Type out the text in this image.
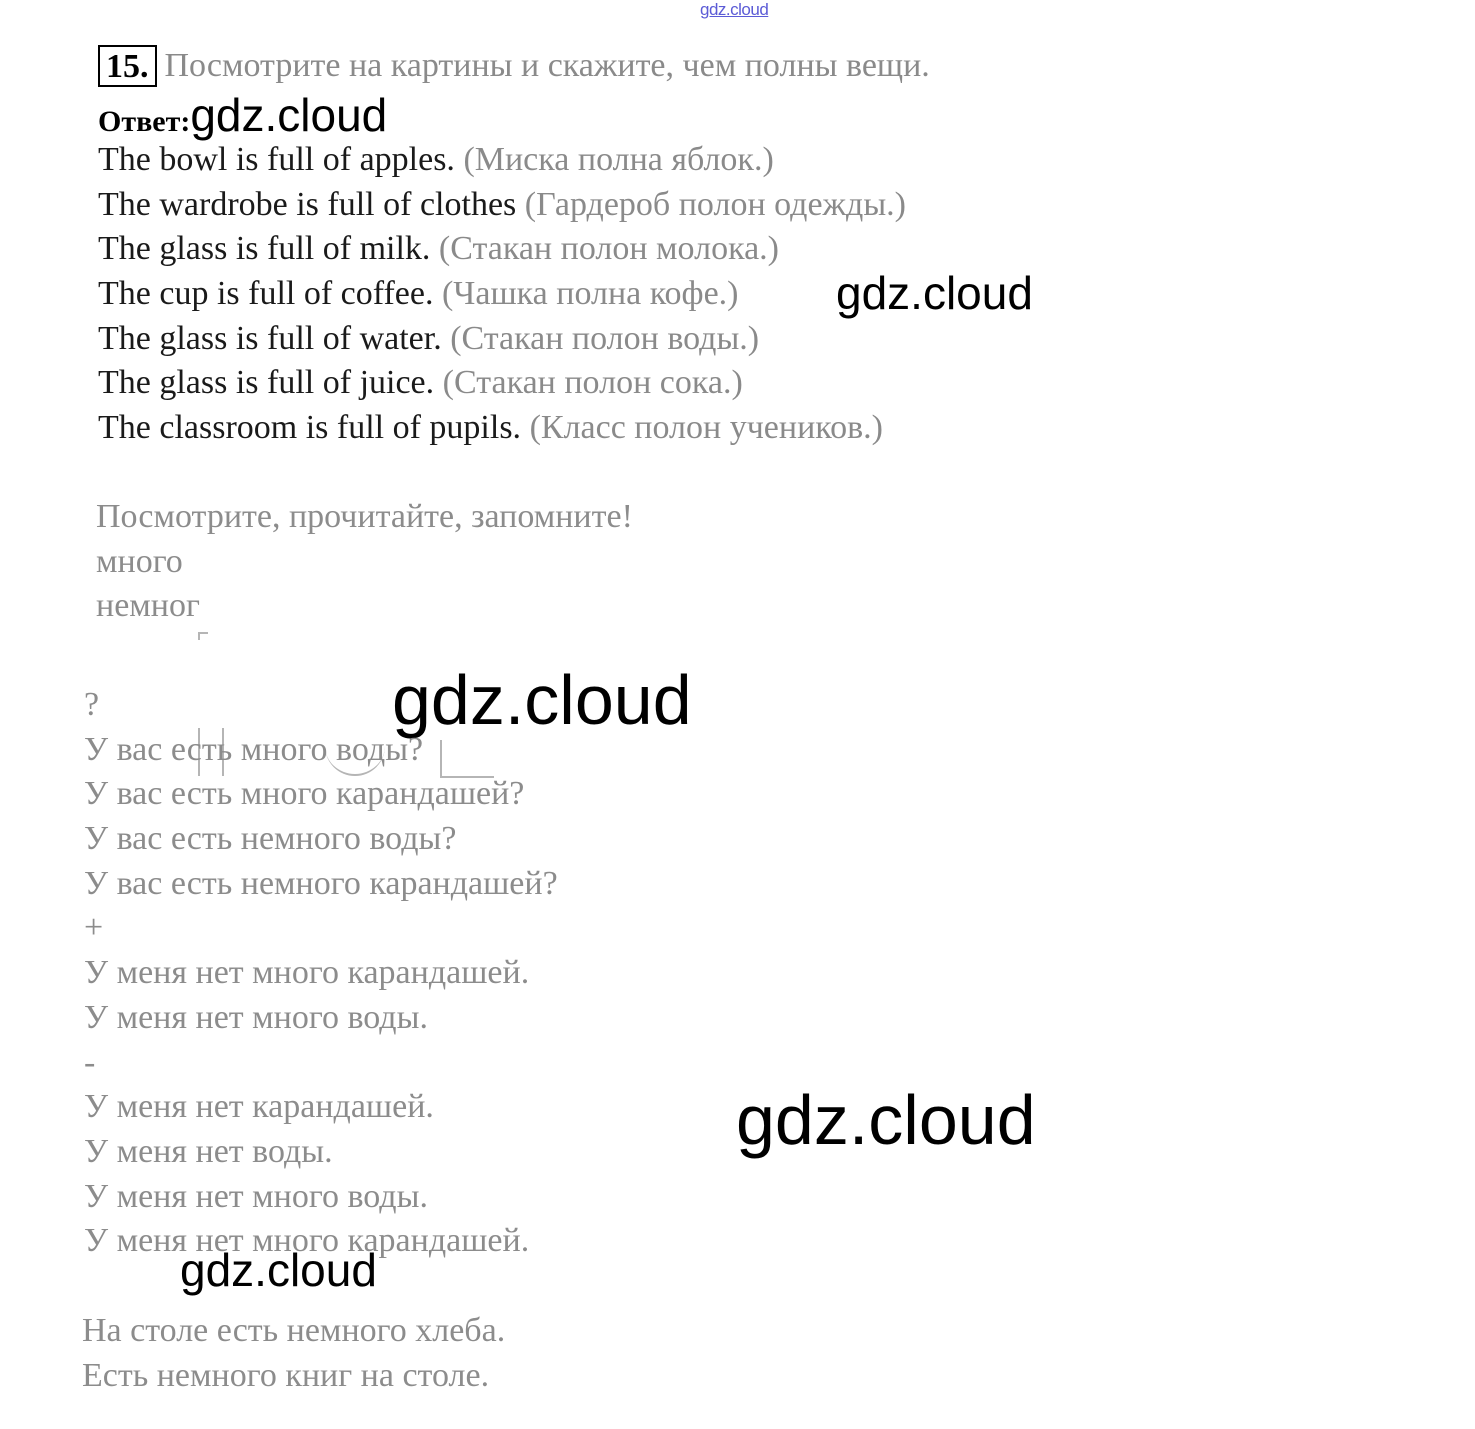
gdz.cloud
15. Посмотрите на картины и скажите, чем полны вещи.
Ответ: gdz.cloud
The bowl is full of apples. (Миска полна яблок.)
The wardrobe is full of clothes (Гардероб полон одежды.)
The glass is full of milk. (Стакан полон молока.)
The cup is full of coffee. (Чашка полна кофе.)
The glass is full of water. (Стакан полон воды.)
The glass is full of juice. (Стакан полон сока.)
The classroom is full of pupils. (Класс полон учеников.)
gdz.cloud
Посмотрите, прочитайте, запомните!
много
немног
gdz.cloud
?
У вас есть много воды?
У вас есть много карандашей?
У вас есть немного воды?
У вас есть немного карандашей?
+
У меня нет много карандашей.
У меня нет много воды.
-
У меня нет карандашей.
У меня нет воды.
У меня нет много воды.
У меня нет много карандашей.
gdz.cloud
gdz.cloud
На столе есть немного хлеба.
Есть немного книг на столе.
